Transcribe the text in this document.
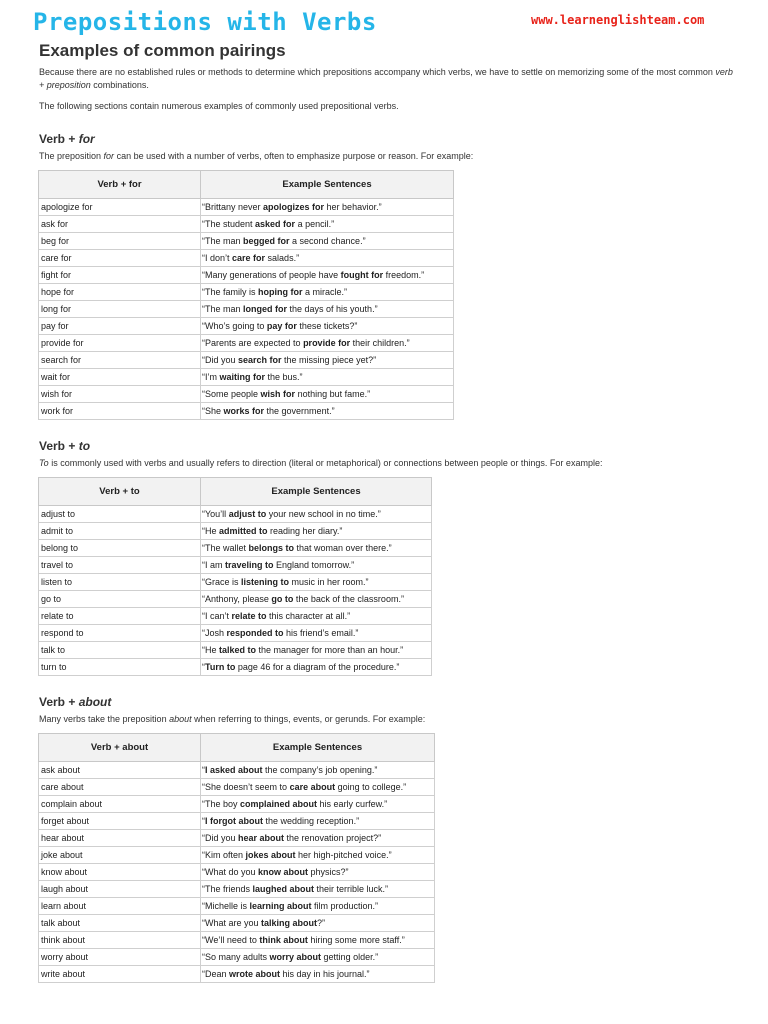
Prepositions with Verbs	www.learnenglishteam.com
Examples of common pairings

Because there are no established rules or methods to determine which prepositions accompany which verbs, we have to settle on memorizing some of the most common verb + preposition combinations.

The following sections contain numerous examples of commonly used prepositional verbs.

Verb + for

The preposition for can be used with a number of verbs, often to emphasize purpose or reason. For example:

Verb + for	Example Sentences
apologize for	“Brittany never apologizes for her behavior.”
ask for	“The student asked for a pencil.”
beg for	“The man begged for a second chance.”
care for	“I don’t care for salads.”
fight for	“Many generations of people have fought for freedom.”
hope for	“The family is hoping for a miracle.”
long for	“The man longed for the days of his youth.”
pay for	“Who’s going to pay for these tickets?”
provide for	“Parents are expected to provide for their children.”
search for	“Did you search for the missing piece yet?”
wait for	“I’m waiting for the bus.”
wish for	“Some people wish for nothing but fame.”
work for	“She works for the government.”
Verb + to

To is commonly used with verbs and usually refers to direction (literal or metaphorical) or connections between people or things. For example:

Verb + to	Example Sentences
adjust to	“You’ll adjust to your new school in no time.”
admit to	“He admitted to reading her diary.”
belong to	“The wallet belongs to that woman over there.”
travel to	“I am traveling to England tomorrow.”
listen to	“Grace is listening to music in her room.”
go to	“Anthony, please go to the back of the classroom.”
relate to	“I can’t relate to this character at all.”
respond to	“Josh responded to his friend’s email.”
talk to	“He talked to the manager for more than an hour.”
turn to	“Turn to page 46 for a diagram of the procedure.”
Verb + about

Many verbs take the preposition about when referring to things, events, or gerunds. For example:

Verb + about	Example Sentences
ask about	“I asked about the company’s job opening.”
care about	“She doesn’t seem to care about going to college.”
complain about	“The boy complained about his early curfew.”
forget about	“I forgot about the wedding reception.”
hear about	“Did you hear about the renovation project?”
joke about	“Kim often jokes about her high-pitched voice.”
know about	“What do you know about physics?”
laugh about	“The friends laughed about their terrible luck.”
learn about	“Michelle is learning about film production.”
talk about	“What are you talking about?”
think about	“We’ll need to think about hiring some more staff.”
worry about	“So many adults worry about getting older.”
write about	“Dean wrote about his day in his journal.”
